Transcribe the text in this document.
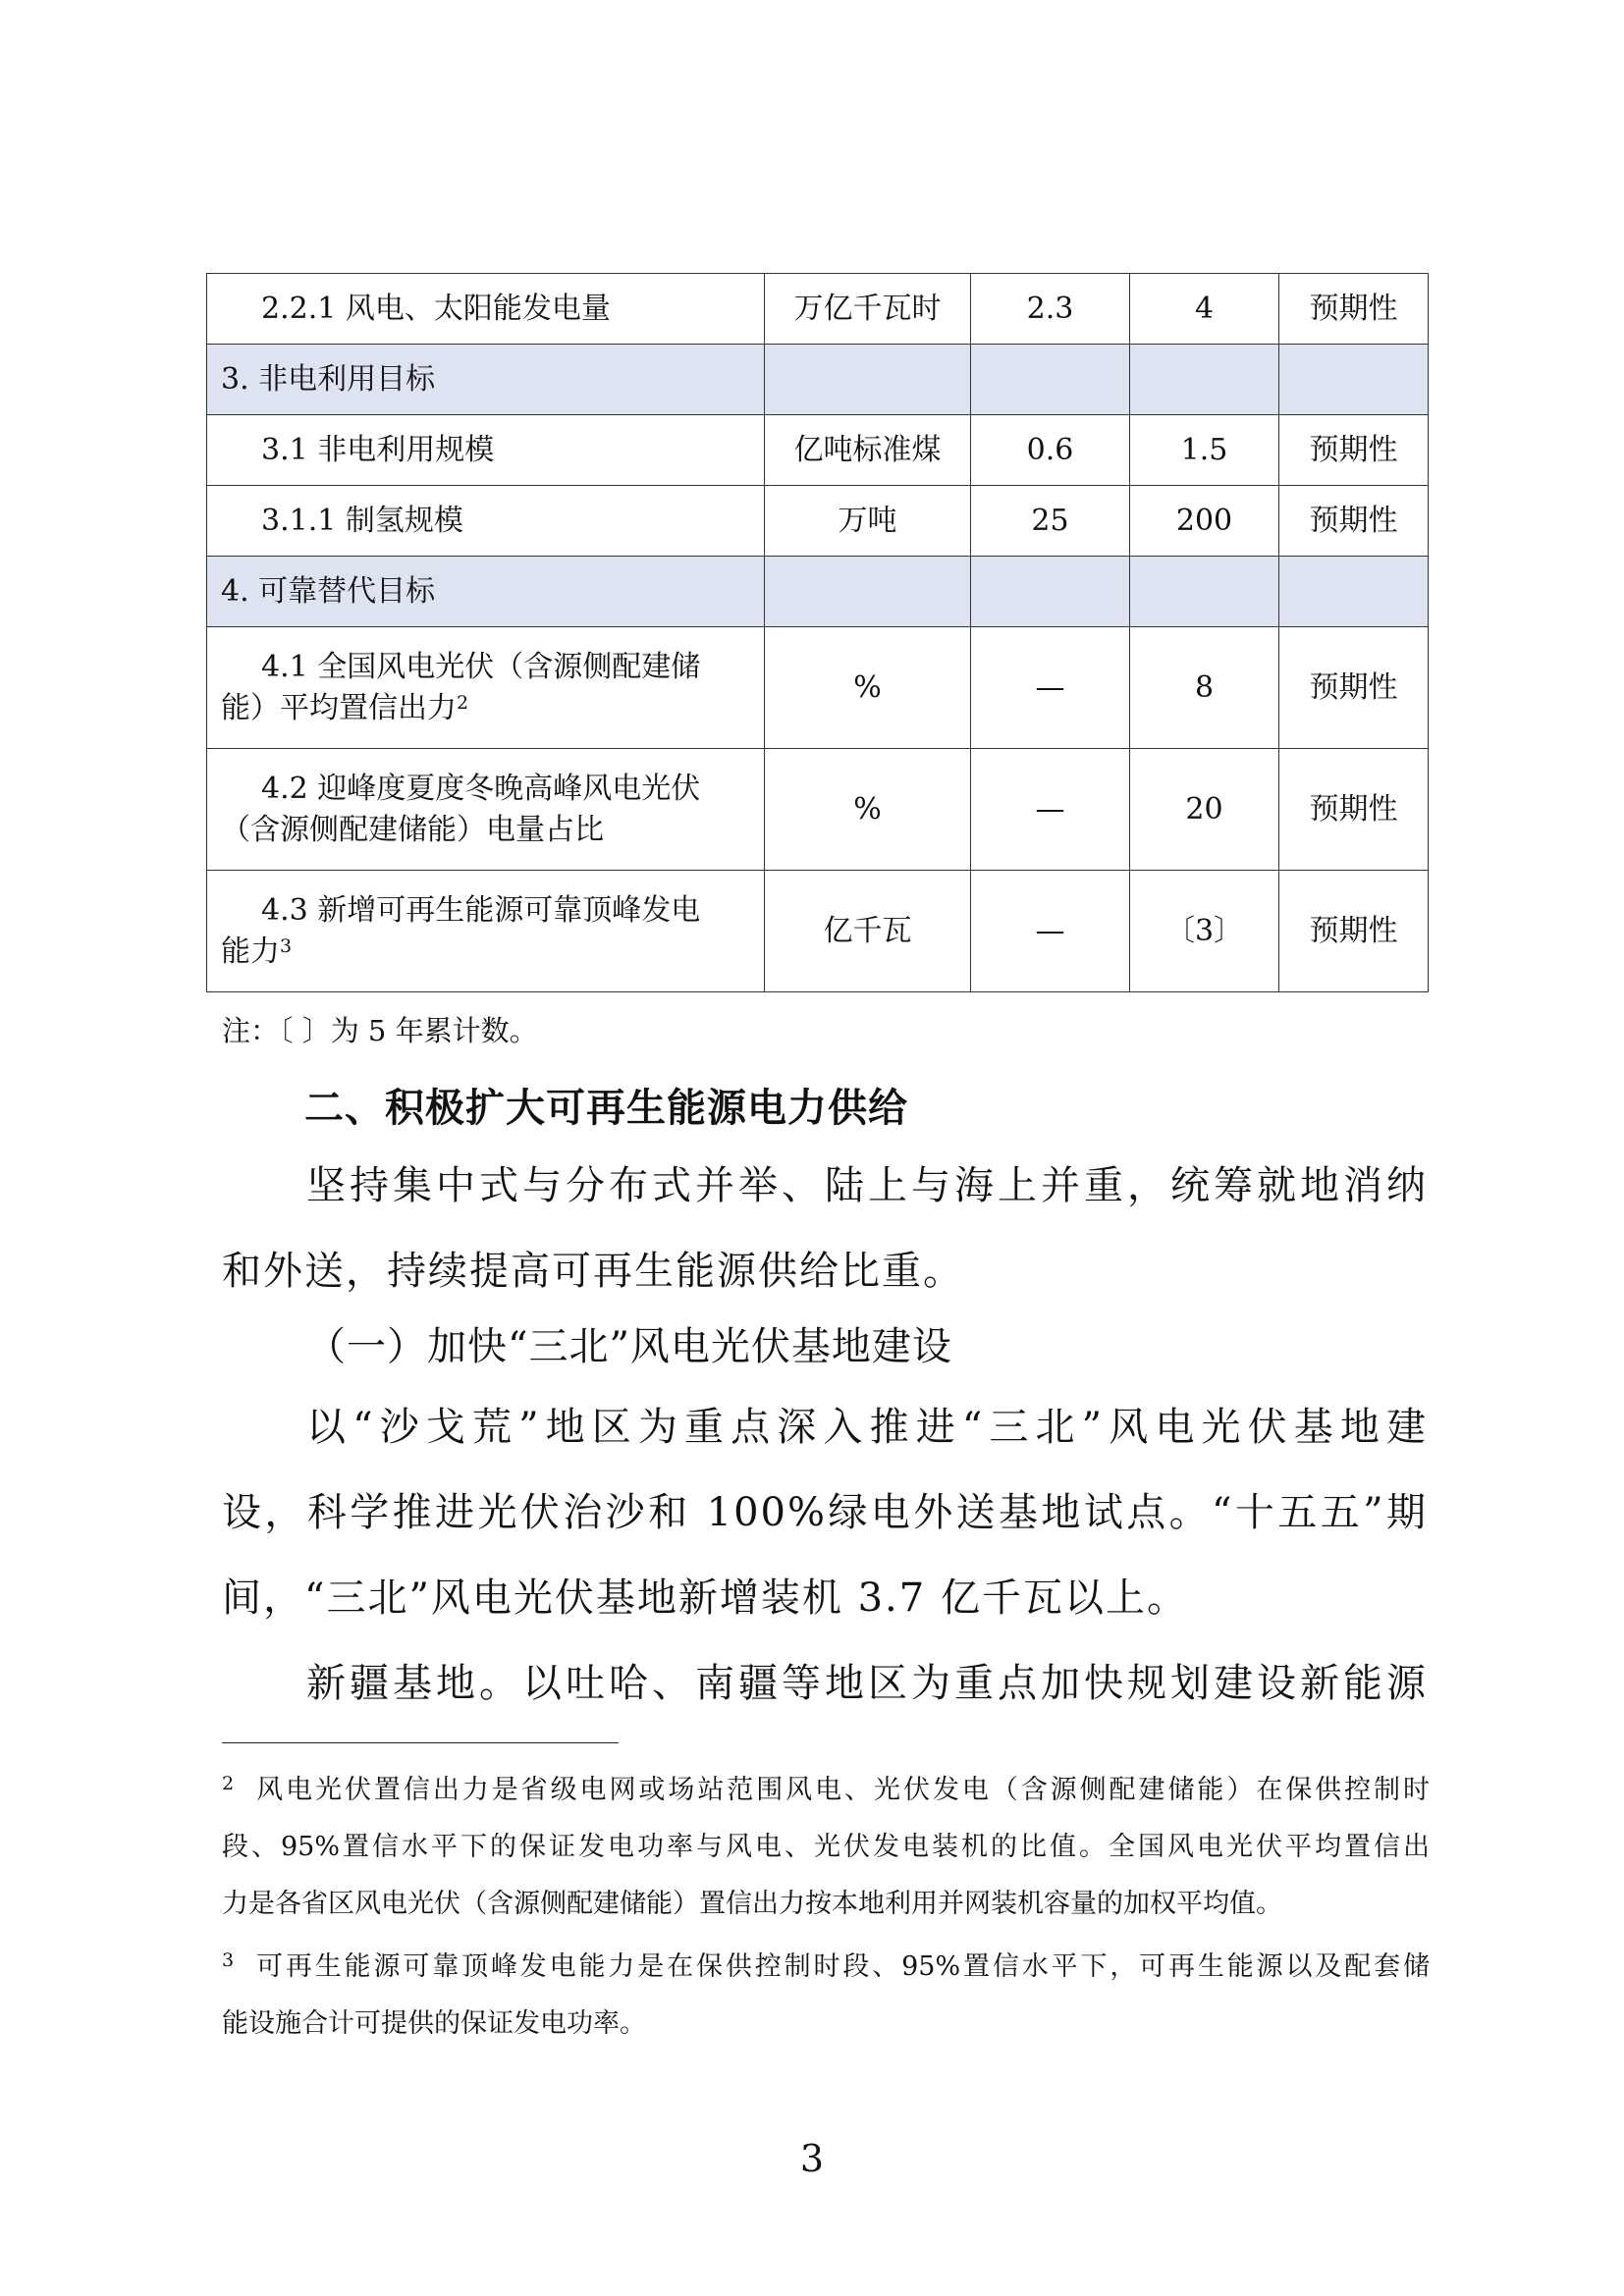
2.2.1 风电、太阳能发电量	万亿千瓦时	2.3	4	预期性
3. 非电利用目标				
3.1 非电利用规模	亿吨标准煤	0.6	1.5	预期性
3.1.1 制氢规模	万吨	25	200	预期性
4. 可靠替代目标				

4.1 全国风电光伏（含源侧配建储
能）平均置信出力$^2$	%	—	8	预期性

4.2 迎峰度夏度冬晚高峰风电光伏
（含源侧配建储能）电量占比	%	—	20	预期性

4.3 新增可再生能源可靠顶峰发电
能力$^3$	亿千瓦	—	〔3〕	预期性
注：〔 〕为 5 年累计数。
二、积极扩大可再生能源电力供给
坚持集中式与分布式并举、陆上与海上并重，统筹就地消纳
和外送，持续提高可再生能源供给比重。
（一）加快“三北”风电光伏基地建设
以“沙戈荒”地区为重点深入推进“三北”风电光伏基地建
设，科学推进光伏治沙和 100%绿电外送基地试点。“十五五”期
间，“三北”风电光伏基地新增装机 3.7 亿千瓦以上。
新疆基地。以吐哈、南疆等地区为重点加快规划建设新能源
$^2$ 风电光伏置信出力是省级电网或场站范围风电、光伏发电（含源侧配建储能）在保供控制时
段、95%置信水平下的保证发电功率与风电、光伏发电装机的比值。全国风电光伏平均置信出
力是各省区风电光伏（含源侧配建储能）置信出力按本地利用并网装机容量的加权平均值。
$^3$ 可再生能源可靠顶峰发电能力是在保供控制时段、95%置信水平下，可再生能源以及配套储
能设施合计可提供的保证发电功率。
3
